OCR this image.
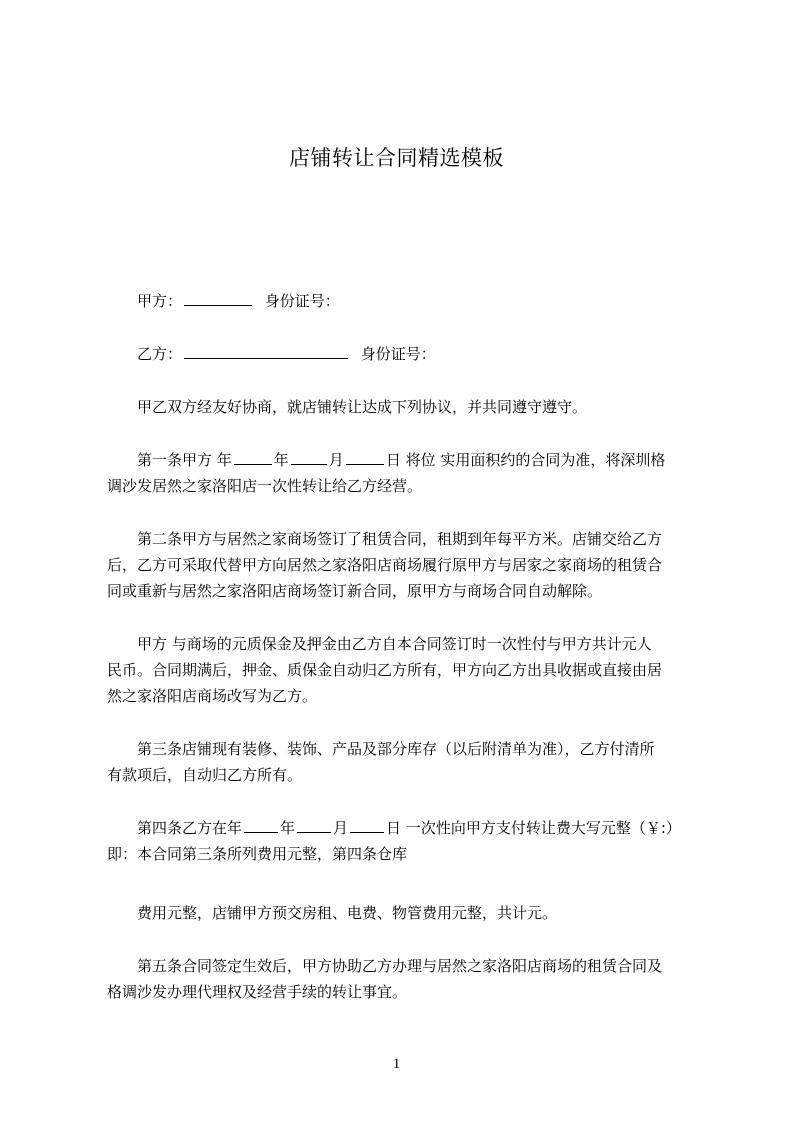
店铺转让合同精选模板
甲方：	身份证号：
乙方：	身份证号：
甲乙双方经友好协商，就店铺转让达成下列协议，并共同遵守遵守。
第一条甲方 年	年	月	日 将位 实用面积约的合同为准，将深圳格
调沙发居然之家洛阳店一次性转让给乙方经营。
第二条甲方与居然之家商场签订了租赁合同，租期到年每平方米。店铺交给乙方
后，乙方可采取代替甲方向居然之家洛阳店商场履行原甲方与居家之家商场的租赁合
同或重新与居然之家洛阳店商场签订新合同，原甲方与商场合同自动解除。
甲方 与商场的元质保金及押金由乙方自本合同签订时一次性付与甲方共计元人
民币。合同期满后，押金、质保金自动归乙方所有，甲方向乙方出具收据或直接由居
然之家洛阳店商场改写为乙方。
第三条店铺现有装修、装饰、产品及部分库存（以后附清单为准），乙方付清所
有款项后，自动归乙方所有。
第四条乙方在年	年	月	日 一次性向甲方支付转让费大写元整（￥:）
即：本合同第三条所列费用元整，第四条仓库
费用元整，店铺甲方预交房租、电费、物管费用元整，共计元。
第五条合同签定生效后，甲方协助乙方办理与居然之家洛阳店商场的租赁合同及
格调沙发办理代理权及经营手续的转让事宜。
1
